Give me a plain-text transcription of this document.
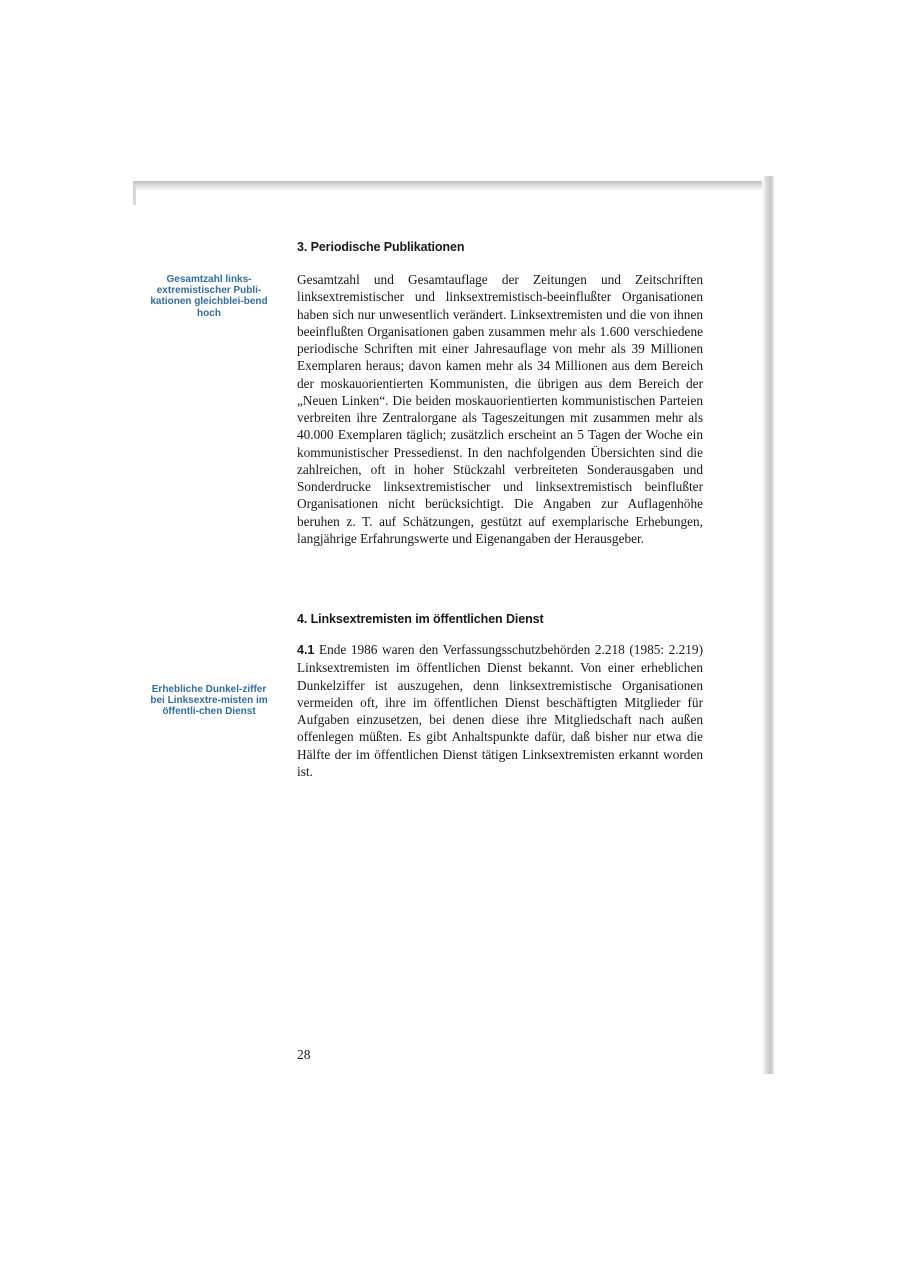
3. Periodische Publikationen

Gesamtzahl links-extremistischer Publi-kationen gleichblei-bend hoch

Gesamtzahl und Gesamtauflage der Zeitungen und Zeitschriften linksextremistischer und linksextremistisch-beeinflußter Organisationen haben sich nur unwesentlich verändert. Linksextremisten und die von ihnen beeinflußten Organisationen gaben zusammen mehr als 1.600 verschiedene periodische Schriften mit einer Jahresauflage von mehr als 39 Millionen Exemplaren heraus; davon kamen mehr als 34 Millionen aus dem Bereich der moskauorientierten Kommunisten, die übrigen aus dem Bereich der „Neuen Linken“. Die beiden moskauorientierten kommunistischen Parteien verbreiten ihre Zentralorgane als Tageszeitungen mit zusammen mehr als 40.000 Exemplaren täglich; zusätzlich erscheint an 5 Tagen der Woche ein kommunistischer Pressedienst. In den nachfolgenden Übersichten sind die zahlreichen, oft in hoher Stückzahl verbreiteten Sonderausgaben und Sonderdrucke linksextremistischer und linksextremistisch beinflußter Organisationen nicht berücksichtigt. Die Angaben zur Auflagenhöhe beruhen z. T. auf Schätzungen, gestützt auf exemplarische Erhebungen, langjährige Erfahrungswerte und Eigenangaben der Herausgeber.

4. Linksextremisten im öffentlichen Dienst

Erhebliche Dunkel-ziffer bei Linksextre-misten im öffentli-chen Dienst

4.1 Ende 1986 waren den Verfassungsschutzbehörden 2.218 (1985: 2.219) Linksextremisten im öffentlichen Dienst bekannt. Von einer erheblichen Dunkelziffer ist auszugehen, denn linksextremistische Organisationen vermeiden oft, ihre im öffentlichen Dienst beschäftigten Mitglieder für Aufgaben einzusetzen, bei denen diese ihre Mitgliedschaft nach außen offenlegen müßten. Es gibt Anhaltspunkte dafür, daß bisher nur etwa die Hälfte der im öffentlichen Dienst tätigen Linksextremisten erkannt worden ist.

28
